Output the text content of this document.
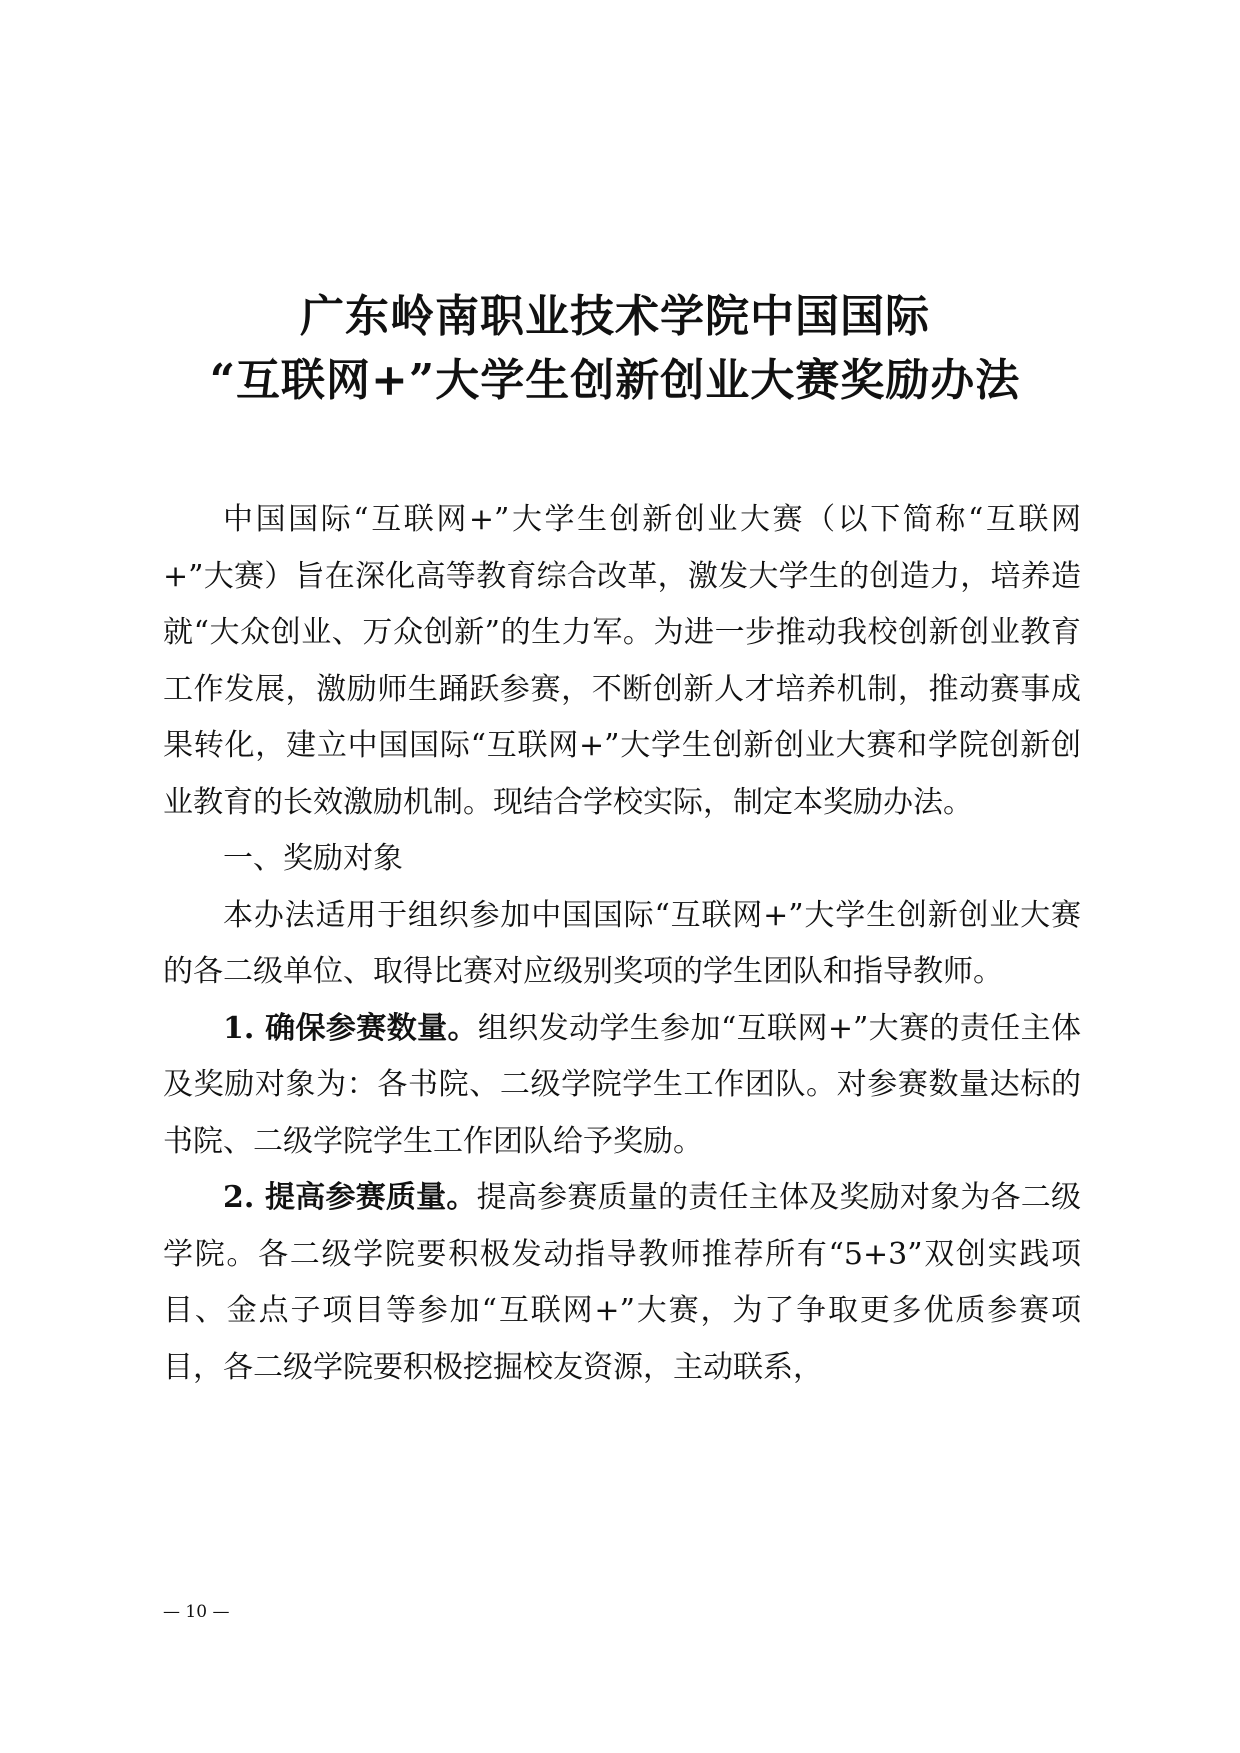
广东岭南职业技术学院中国国际
“互联网+”大学生创新创业大赛奖励办法

中国国际“互联网+”大学生创新创业大赛（以下简称“互联网+”大赛）旨在深化高等教育综合改革，激发大学生的创造力，培养造就“大众创业、万众创新”的生力军。为进一步推动我校创新创业教育工作发展，激励师生踊跃参赛，不断创新人才培养机制，推动赛事成果转化，建立中国国际“互联网+”大学生创新创业大赛和学院创新创业教育的长效激励机制。现结合学校实际，制定本奖励办法。

一、奖励对象

本办法适用于组织参加中国国际“互联网+”大学生创新创业大赛的各二级单位、取得比赛对应级别奖项的学生团队和指导教师。

1. 确保参赛数量。组织发动学生参加“互联网+”大赛的责任主体及奖励对象为：各书院、二级学院学生工作团队。对参赛数量达标的书院、二级学院学生工作团队给予奖励。

2. 提高参赛质量。提高参赛质量的责任主体及奖励对象为各二级学院。各二级学院要积极发动指导教师推荐所有“5+3”双创实践项目、金点子项目等参加“互联网+”大赛，为了争取更多优质参赛项目，各二级学院要积极挖掘校友资源，主动联系，

— 10 —
